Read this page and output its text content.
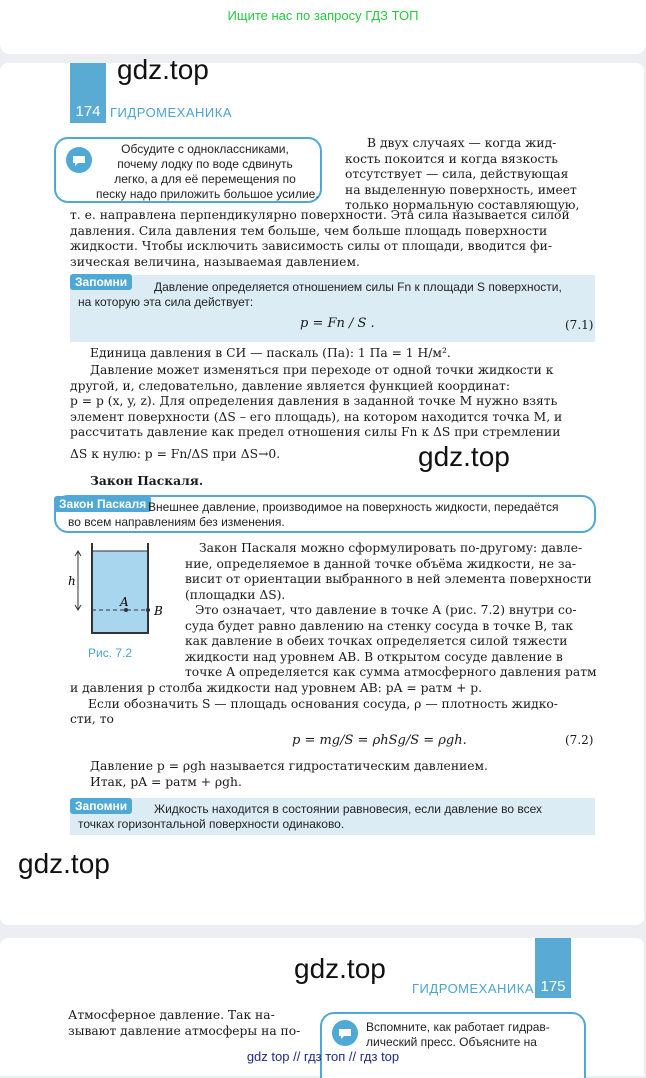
Ищите нас по запросу ГДЗ ТОП
174
gdz.top
ГИДРОМЕХАНИКА
Обсудите с одноклассниками,
почему лодку по воде сдвинуть
легко, а для её перемещения по
песку надо приложить большое усилие.
В двух случаях — когда жид-
кость покоится и когда вязкость
отсутствует — сила, действующая
на выделенную поверхность, имеет
только нормальную составляющую,
т. е. направлена перпендикулярно поверхности. Эта сила называется силой
давления. Сила давления тем больше, чем больше площадь поверхности
жидкости. Чтобы исключить зависимость силы от площади, вводится фи-
зическая величина, называемая давлением.
Запомни	Давление определяется отношением силы Fn к площади S поверхности,
на которую эта сила действует:
p = Fn / S .	(7.1)
Единица давления в СИ — паскаль (Па): 1 Па = 1 Н/м².
Давление может изменяться при переходе от одной точки жидкости к
другой, и, следовательно, давление является функцией координат:
p = p (x, y, z). Для определения давления в заданной точке M нужно взять
элемент поверхности (ΔS – его площадь), на котором находится точка M, и
рассчитать давление как предел отношения силы Fn к ΔS при стремлении
ΔS к нулю: p = Fn/ΔS при ΔS→0.	gdz.top
Закон Паскаля.
Закон Паскаля Внешнее давление, производимое на поверхность жидкости, передаётся
во всем направлениям без изменения.
h
A
B
Рис. 7.2
Закон Паскаля можно сформулировать по-другому: давле-
ние, определяемое в данной точке объёма жидкости, не за-
висит от ориентации выбранного в ней элемента поверхности
(площадки ΔS).
Это означает, что давление в точке A (рис. 7.2) внутри со-
суда будет равно давлению на стенку сосуда в точке B, так
как давление в обеих точках определяется силой тяжести
жидкости над уровнем AB. В открытом сосуде давление в
точке A определяется как сумма атмосферного давления pатм
и давления p столба жидкости над уровнем AB: pA = pатм + p.
Если обозначить S — площадь основания сосуда, ρ — плотность жидко-
сти, то
p = mg/S = ρhSg/S = ρgh.	(7.2)
Давление p = ρgh называется гидростатическим давлением.
Итак, pA = pатм + ρgh.
Запомни	Жидкость находится в состоянии равновесия, если давление во всех
точках горизонтальной поверхности одинаково.
gdz.top
gdz.top
ГИДРОМЕХАНИКА 175
Атмосферное давление. Так на-
зывают давление атмосферы на по-	Вспомните, как работает гидрав-
лический пресс. Объясните на
gdz top // гдз топ // гдз top
